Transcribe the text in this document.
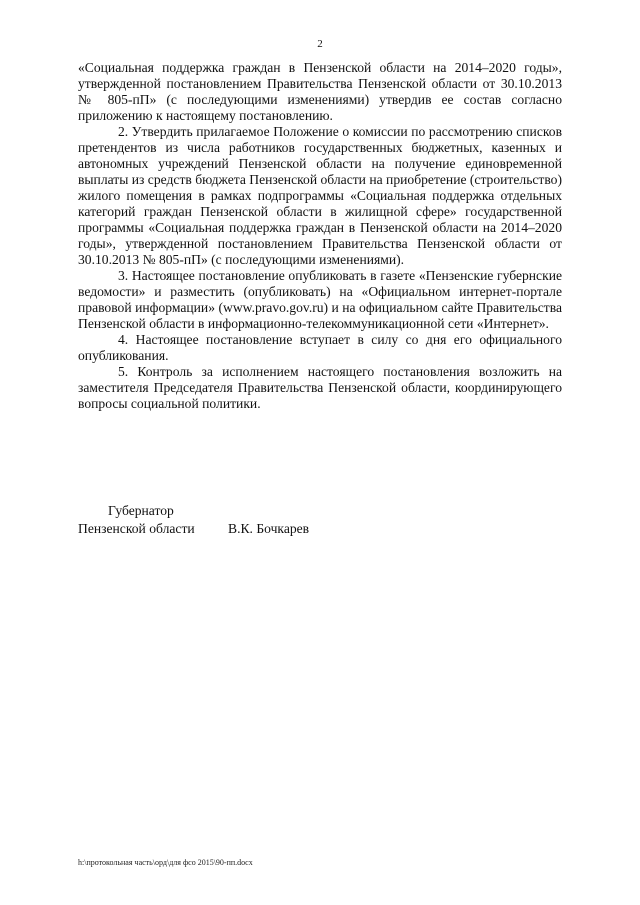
2

«Социальная поддержка граждан в Пензенской области на 2014–2020 годы», утвержденной постановлением Правительства Пензенской области от 30.10.2013 № 805-пП» (с последующими изменениями) утвердив ее состав согласно приложению к настоящему постановлению.

2. Утвердить прилагаемое Положение о комиссии по рассмотрению списков претендентов из числа работников государственных бюджетных, казенных и автономных учреждений Пензенской области на получение единовременной выплаты из средств бюджета Пензенской области на приобретение (строительство) жилого помещения в рамках подпрограммы «Социальная поддержка отдельных категорий граждан Пензенской области в жилищной сфере» государственной программы «Социальная поддержка граждан в Пензенской области на 2014–2020 годы», утвержденной постановлением Правительства Пензенской области от 30.10.2013 № 805-пП» (с последующими изменениями).

3. Настоящее постановление опубликовать в газете «Пензенские губернские ведомости» и разместить (опубликовать) на «Официальном интернет-портале правовой информации» (www.pravo.gov.ru) и на официальном сайте Правительства Пензенской области в информационно-телекоммуникационной сети «Интернет».

4. Настоящее постановление вступает в силу со дня его официального опубликования.

5. Контроль за исполнением настоящего постановления возложить на заместителя Председателя Правительства Пензенской области, координирующего вопросы социальной политики.

Губернатор
Пензенской области	В.К. Бочкарев
h:\протокольная часть\орд\для фсо 2015\90-пп.docx
